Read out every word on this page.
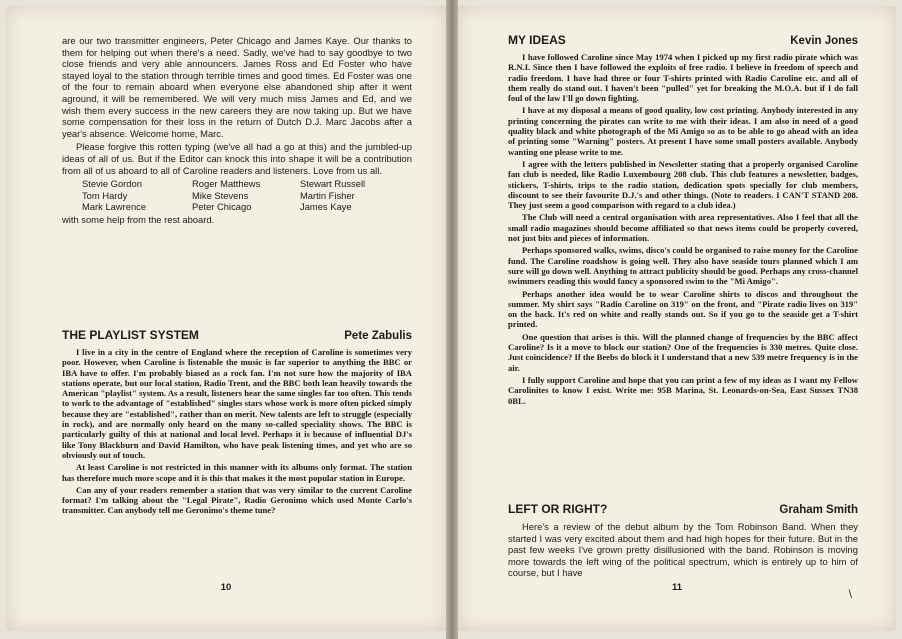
are our two transmitter engineers, Peter Chicago and James Kaye. Our thanks to them for helping out when there's a need. Sadly, we've had to say goodbye to two close friends and very able announcers. James Ross and Ed Foster who have stayed loyal to the station through terrible times and good times. Ed Foster was one of the four to remain aboard when everyone else abandoned ship after it went aground, it will be remembered. We will very much miss James and Ed, and we wish them every success in the new careers they are now taking up. But we have some compensation for their loss in the return of Dutch D.J. Marc Jacobs after a year's absence. Welcome home, Marc.

Please forgive this rotten typing (we've all had a go at this) and the jumbled-up ideas of all of us. But if the Editor can knock this into shape it will be a contribution from all of us aboard to all of Caroline readers and listeners. Love from us all.

Stevie Gordon	Roger Matthews	Stewart Russell
Tom Hardy	Mike Stevens	Martin Fisher
Mark Lawrence	Peter Chicago	James Kaye
with some help from the rest aboard.
THE PLAYLIST SYSTEM	Pete Zabulis

I live in a city in the centre of England where the reception of Caroline is sometimes very poor. However, when Caroline is listenable the music is far superior to anything the BBC or IBA have to offer. I'm probably biased as a rock fan. I'm not sure how the majority of IBA stations operate, but our local station, Radio Trent, and the BBC both lean heavily towards the American "playlist" system. As a result, listeners hear the same singles far too often. This tends to work to the advantage of "established" singles stars whose work is more often picked simply because they are "established", rather than on merit. New talents are left to struggle (especially in rock), and are normally only heard on the many so-called speciality shows. The BBC is particularly guilty of this at national and local level. Perhaps it is because of influential DJ's like Tony Blackburn and David Hamilton, who have peak listening times, and yet who are so obviously out of touch.

At least Caroline is not restricted in this manner with its albums only format. The station has therefore much more scope and it is this that makes it the most popular station in Europe.

Can any of your readers remember a station that was very similar to the current Caroline format? I'm talking about the "Legal Pirate", Radio Geronimo which used Monte Carlo's transmitter. Can anybody tell me Geronimo's theme tune?

10
MY IDEAS	Kevin Jones

I have followed Caroline since May 1974 when I picked up my first radio pirate which was R.N.I. Since then I have followed the exploits of free radio. I believe in freedom of speech and radio freedom. I have had three or four T-shirts printed with Radio Caroline etc. and all of them really do stand out. I haven't been "pulled" yet for breaking the M.O.A. but if I do fall foul of the law I'll go down fighting.

I have at my disposal a means of good quality, low cost printing. Anybody interested in any printing concerning the pirates can write to me with their ideas. I am also in need of a good quality black and white photograph of the Mi Amigo so as to be able to go ahead with an idea of printing some "Warning" posters. At present I have some small posters available. Anybody wanting one please write to me.

I agree with the letters published in Newsletter stating that a properly organised Caroline fan club is needed, like Radio Luxembourg 208 club. This club features a newsletter, badges, stickers, T-shirts, trips to the radio station, dedication spots specially for club members, discount to see their favourite D.J.'s and other things. (Note to readers. I CAN'T STAND 208. They just seem a good comparison with regard to a club idea.)

The Club will need a central organisation with area representatives. Also I feel that all the small radio magazines should become affiliated so that news items could be properly covered, not just bits and pieces of information.

Perhaps sponsored walks, swims, disco's could be organised to raise money for the Caroline fund. The Caroline roadshow is going well. They also have seaside tours planned which I am sure will go down well. Anything to attract publicity should be good. Perhaps any cross-channel swimmers reading this would fancy a sponsored swim to the "Mi Amigo".

Perhaps another idea would be to wear Caroline shirts to discos and throughout the summer. My shirt says "Radio Caroline on 319" on the front, and "Pirate radio lives on 319" on the back. It's red on white and really stands out. So if you go to the seaside get a T-shirt printed.

One question that arises is this. Will the planned change of frequencies by the BBC affect Caroline? Is it a move to block our station? One of the frequencies is 330 metres. Quite close. Just coincidence? If the Beebs do block it I understand that a new 539 metre frequency is in the air.

I fully support Caroline and hope that you can print a few of my ideas as I want my Fellow Carolinites to know I exist. Write me: 95B Marina, St. Leonards-on-Sea, East Sussex TN38 0BL.

LEFT OR RIGHT?	Graham Smith

Here's a review of the debut album by the Tom Robinson Band. When they started I was very excited about them and had high hopes for their future. But in the past few weeks I've grown pretty disillusioned with the band. Robinson is moving more towards the left wing of the political spectrum, which is entirely up to him of course, but I have

11	\
